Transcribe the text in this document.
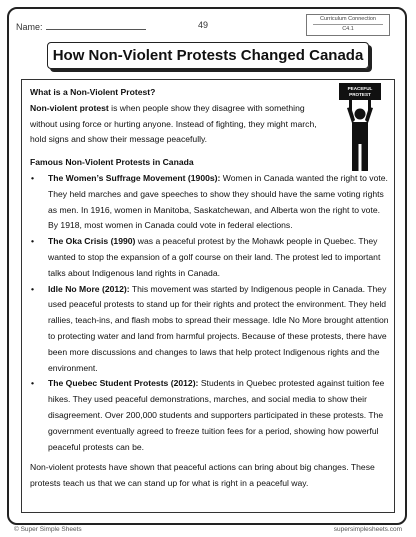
Name:	49
Curriculum Connection
C4.1
How Non-Violent Protests Changed Canada
PEACEFUL
PROTEST

What is a Non-Violent Protest?

Non-violent protest is when people show they disagree with something without using force or hurting anyone. Instead of fighting, they might march, hold signs and show their message peacefully.

Famous Non-Violent Protests in Canada

• The Women’s Suffrage Movement (1900s): Women in Canada wanted the right to vote. They held marches and gave speeches to show they should have the same voting rights as men. In 1916, women in Manitoba, Saskatchewan, and Alberta won the right to vote. By 1918, most women in Canada could vote in federal elections.
• The Oka Crisis (1990) was a peaceful protest by the Mohawk people in Quebec. They wanted to stop the expansion of a golf course on their land. The protest led to important talks about Indigenous land rights in Canada.
• Idle No More (2012): This movement was started by Indigenous people in Canada. They used peaceful protests to stand up for their rights and protect the environment. They held rallies, teach-ins, and flash mobs to spread their message. Idle No More brought attention to protecting water and land from harmful projects. Because of these protests, there have been more discussions and changes to laws that help protect Indigenous rights and the environment.
• The Quebec Student Protests (2012): Students in Quebec protested against tuition fee hikes. They used peaceful demonstrations, marches, and social media to show their disagreement. Over 200,000 students and supporters participated in these protests. The government eventually agreed to freeze tuition fees for a period, showing how powerful peaceful protests can be.

Non-violent protests have shown that peaceful actions can bring about big changes. These protests teach us that we can stand up for what is right in a peaceful way.

© Super Simple Sheets	supersimplesheets.com
